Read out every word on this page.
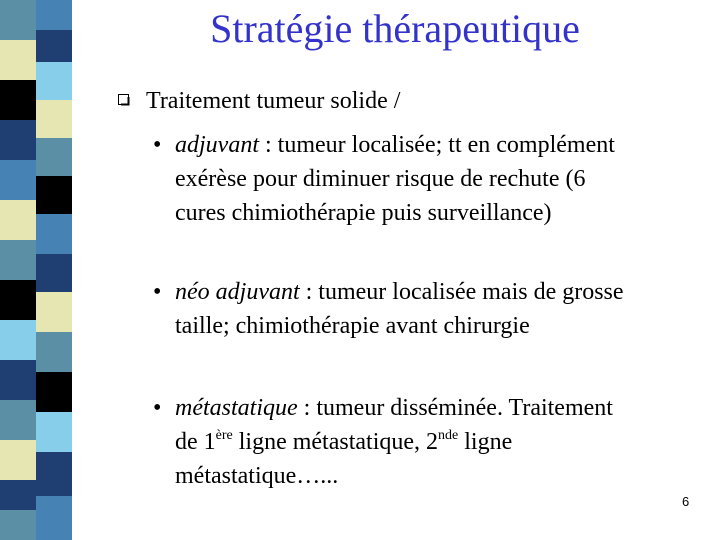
Stratégie thérapeutique
Traitement tumeur solide /
• adjuvant : tumeur localisée; tt en complément
exérèse pour diminuer risque de rechute (6
cures chimiothérapie puis surveillance)
• néo adjuvant : tumeur localisée mais de grosse
taille; chimiothérapie avant chirurgie
• métastatique : tumeur disséminée. Traitement
de 1ère ligne métastatique, 2nde ligne
métastatique…...
6
